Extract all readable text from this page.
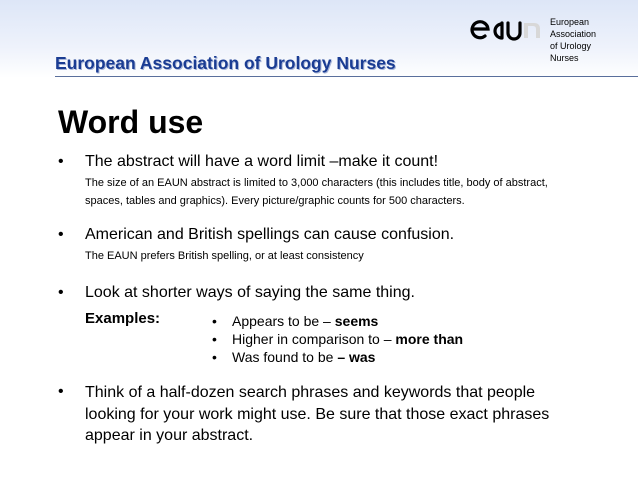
European Association of Urology Nurses
European
Association
of Urology
Nurses
Word use
• The abstract will have a word limit –make it count!
The size of an EAUN abstract is limited to 3,000 characters (this includes title, body of abstract,
spaces, tables and graphics). Every picture/graphic counts for 500 characters.
• American and British spellings can cause confusion.
The EAUN prefers British spelling, or at least consistency
• Look at shorter ways of saying the same thing.
Examples:	• Appears to be – seems
• Higher in comparison to – more than
• Was found to be – was
• Think of a half-dozen search phrases and keywords that people
looking for your work might use. Be sure that those exact phrases
appear in your abstract.
